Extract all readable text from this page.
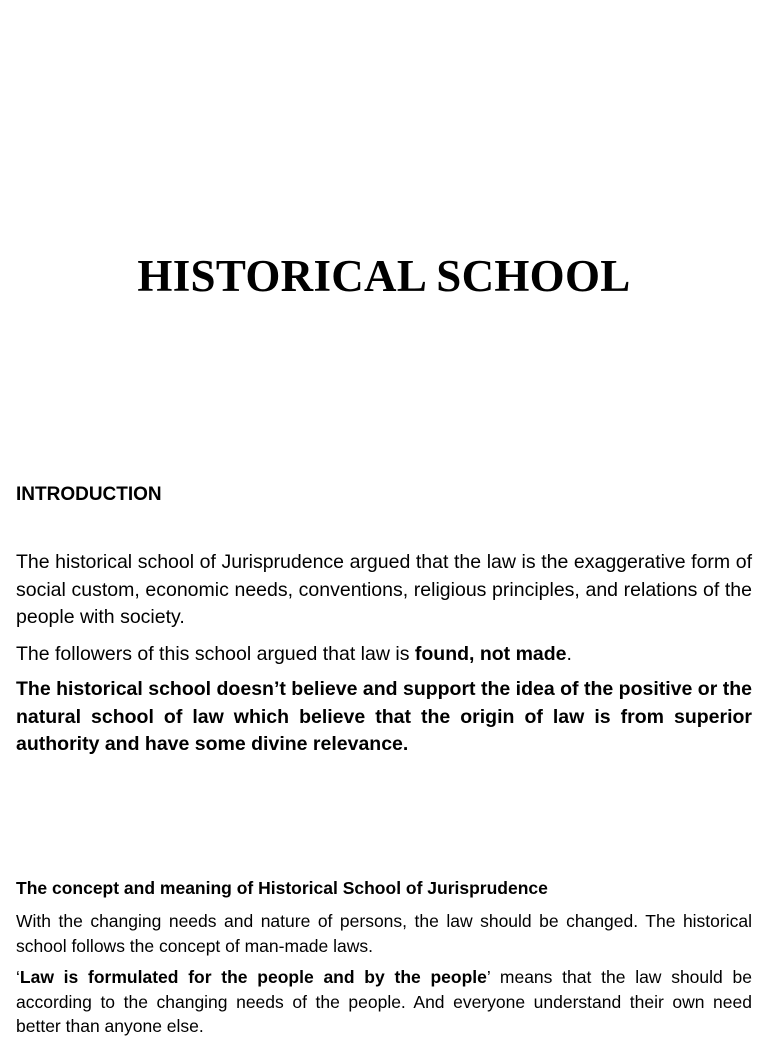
HISTORICAL SCHOOL

INTRODUCTION

The historical school of Jurisprudence argued that the law is the exaggerative form of social custom, economic needs, conventions, religious principles, and relations of the people with society.

The followers of this school argued that law is found, not made.

The historical school doesn’t believe and support the idea of the positive or the natural school of law which believe that the origin of law is from superior authority and have some divine relevance.

The concept and meaning of Historical School of Jurisprudence

With the changing needs and nature of persons, the law should be changed. The historical school follows the concept of man-made laws.

‘Law is formulated for the people and by the people’ means that the law should be according to the changing needs of the people. And everyone understand their own need better than anyone else.
